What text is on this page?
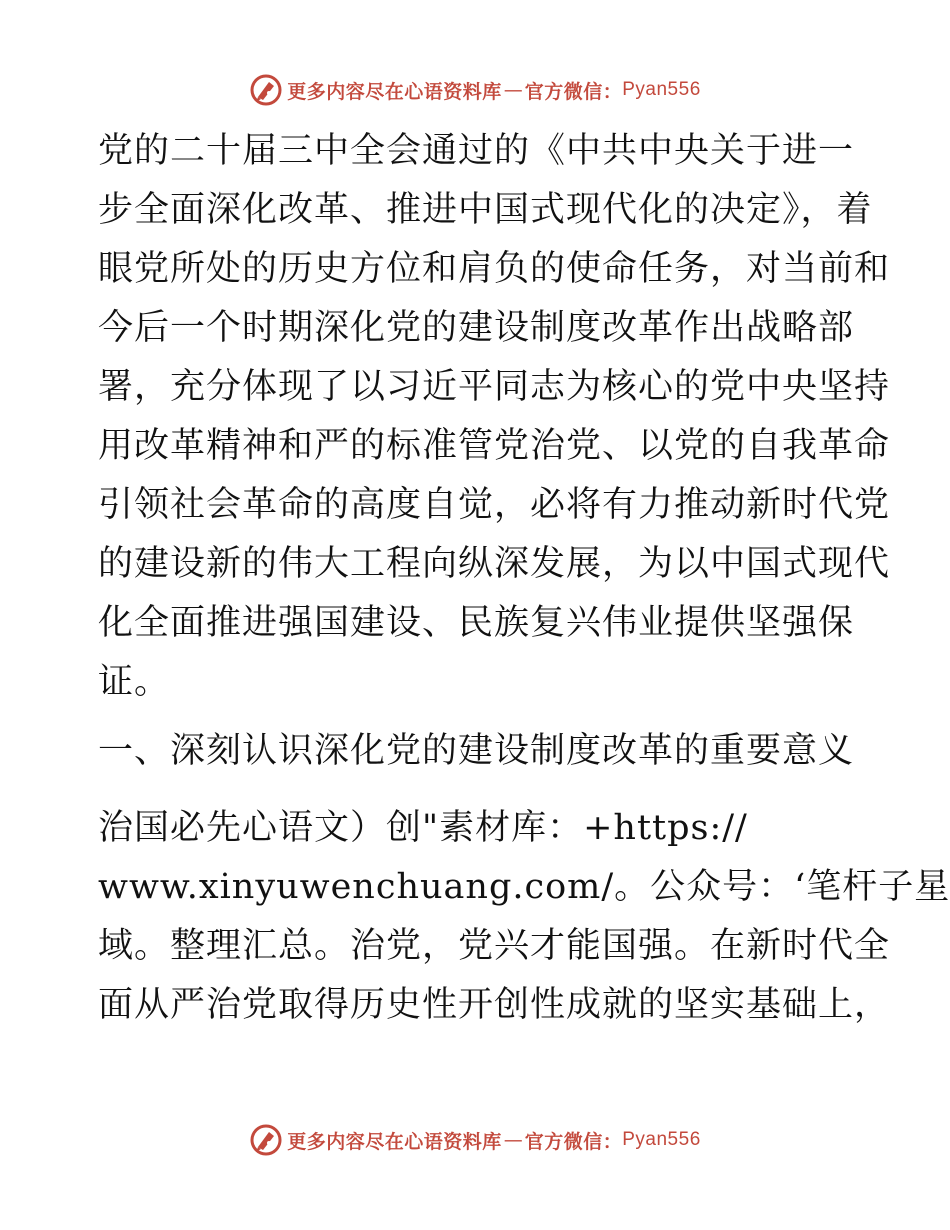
更多内容尽在心语资料库 — 官方微信： Pyan556
党的二十届三中全会通过的《中共中央关于进一
步全面深化改革、推进中国式现代化的决定》，着
眼党所处的历史方位和肩负的使命任务，对当前和
今后一个时期深化党的建设制度改革作出战略部
署，充分体现了以习近平同志为核心的党中央坚持
用改革精神和严的标准管党治党、以党的自我革命
引领社会革命的高度自觉，必将有力推动新时代党
的建设新的伟大工程向纵深发展，为以中国式现代
化全面推进强国建设、民族复兴伟业提供坚强保
证。
一、深刻认识深化党的建设制度改革的重要意义
治国必先心语文）创"素材库：+https://
www.xinyuwenchuang.com/。公众号：‘笔杆子星
域。整理汇总。治党，党兴才能国强。在新时代全
面从严治党取得历史性开创性成就的坚实基础上，
更多内容尽在心语资料库 — 官方微信： Pyan556
